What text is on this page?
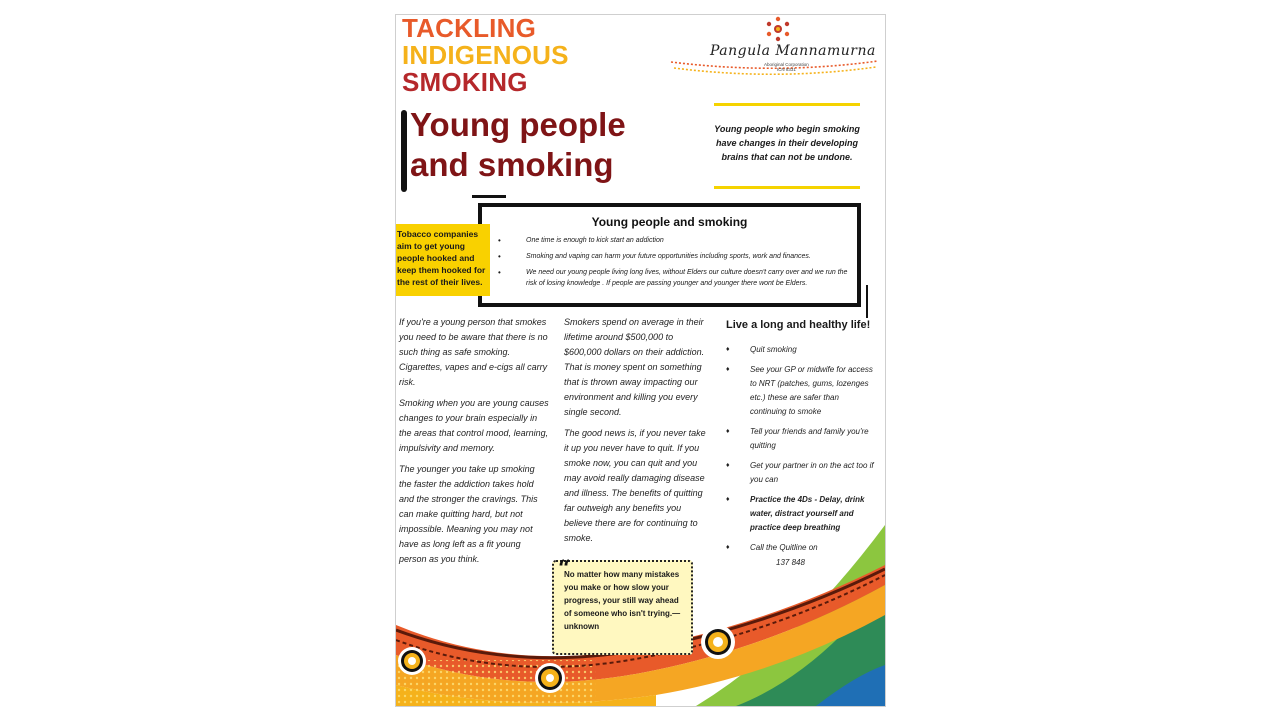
TACKLING
INDIGENOUS
SMOKING
Pangula Mannamurna
Aboriginal Corporation
ICN 8331
Young people
and smoking

Young people who begin smoking have changes in their developing brains that can not be undone.

Young people and smoking
• One time is enough to kick start an addiction
• Smoking and vaping can harm your future opportunities including sports, work and finances.
• We need our young people living long lives, without Elders our culture doesn't carry over and we run the risk of losing knowledge . If people are passing younger and younger there wont be Elders.

Tobacco companies aim to get young people hooked and keep them hooked for the rest of their lives.

If you're a young person that smokes you need to be aware that there is no such thing as safe smoking. Cigarettes, vapes and e-cigs all carry risk.

Smoking when you are young causes changes to your brain especially in the areas that control mood, learning, impulsivity and memory.

The younger you take up smoking the faster the addiction takes hold and the stronger the cravings. This can make quitting hard, but not impossible. Meaning you may not have as long left as a fit young person as you think.

Smokers spend on average in their lifetime around $500,000 to $600,000 dollars on their addiction. That is money spent on something that is thrown away impacting our environment and killing you every single second.

The good news is, if you never take it up you never have to quit. If you smoke now, you can quit and you may avoid really damaging disease and illness. The benefits of quitting far outweigh any benefits you believe there are for continuing to smoke.

Live a long and healthy life!
♦ Quit smoking
♦ See your GP or midwife for access to NRT (patches, gums, lozenges etc.) these are safer than continuing to smoke
♦ Tell your friends and family you're quitting
♦ Get your partner in on the act too if you can
♦ Practice the 4Ds - Delay, drink water, distract yourself and practice deep breathing
♦ Call the Quitline on
137 848
“

No matter how many mistakes you make or how slow your progress, your still way ahead of someone who isn't trying.—unknown
